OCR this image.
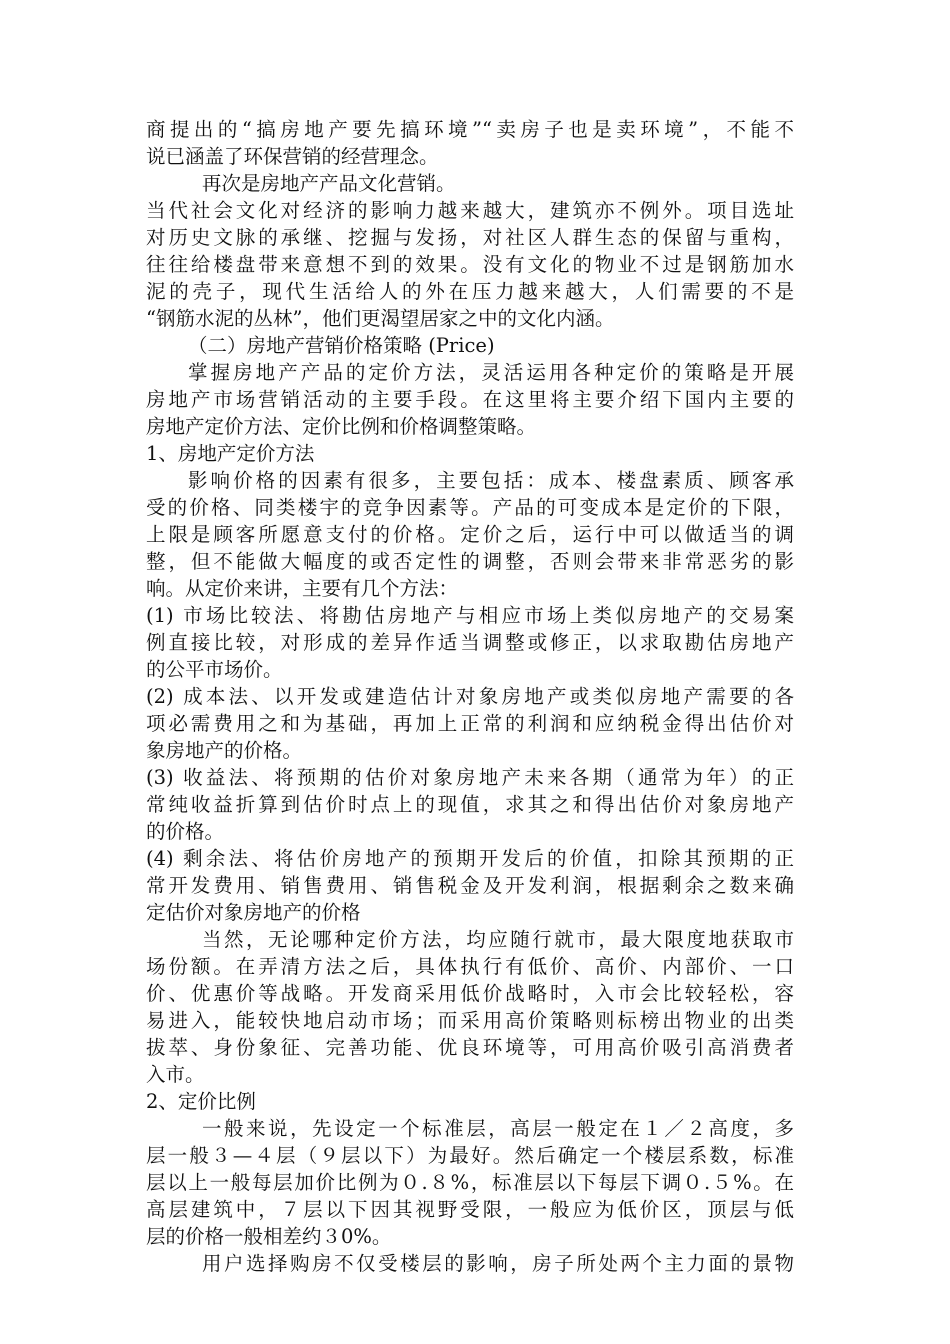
商提出的“搞房地产要先搞环境”“卖房子也是卖环境”，不能不
说已涵盖了环保营销的经营理念。
再次是房地产产品文化营销。
当代社会文化对经济的影响力越来越大，建筑亦不例外。项目选址
对历史文脉的承继、挖掘与发扬，对社区人群生态的保留与重构，
往往给楼盘带来意想不到的效果。没有文化的物业不过是钢筋加水
泥的壳子，现代生活给人的外在压力越来越大，人们需要的不是
“钢筋水泥的丛林”，他们更渴望居家之中的文化内涵。
（二）房地产营销价格策略 (Price)
掌握房地产产品的定价方法，灵活运用各种定价的策略是开展
房地产市场营销活动的主要手段。在这里将主要介绍下国内主要的
房地产定价方法、定价比例和价格调整策略。
1、房地产定价方法
影响价格的因素有很多，主要包括：成本、楼盘素质、顾客承
受的价格、同类楼宇的竞争因素等。产品的可变成本是定价的下限，
上限是顾客所愿意支付的价格。定价之后，运行中可以做适当的调
整，但不能做大幅度的或否定性的调整，否则会带来非常恶劣的影
响。从定价来讲，主要有几个方法：
(1) 市场比较法、将勘估房地产与相应市场上类似房地产的交易案
例直接比较，对形成的差异作适当调整或修正，以求取勘估房地产
的公平市场价。
(2) 成本法、以开发或建造估计对象房地产或类似房地产需要的各
项必需费用之和为基础，再加上正常的利润和应纳税金得出估价对
象房地产的价格。
(3) 收益法、将预期的估价对象房地产未来各期（通常为年）的正
常纯收益折算到估价时点上的现值，求其之和得出估价对象房地产
的价格。
(4) 剩余法、将估价房地产的预期开发后的价值，扣除其预期的正
常开发费用、销售费用、销售税金及开发利润，根据剩余之数来确
定估价对象房地产的价格
当然，无论哪种定价方法，均应随行就市，最大限度地获取市
场份额。在弄清方法之后，具体执行有低价、高价、内部价、一口
价、优惠价等战略。开发商采用低价战略时，入市会比较轻松，容
易进入，能较快地启动市场；而采用高价策略则标榜出物业的出类
拔萃、身份象征、完善功能、优良环境等，可用高价吸引高消费者
入市。
2、定价比例
一般来说，先设定一个标准层，高层一般定在１／２高度，多
层一般３—４层（９层以下）为最好。然后确定一个楼层系数，标准
层以上一般每层加价比例为０.８%，标准层以下每层下调０.５%。在
高层建筑中，７层以下因其视野受限，一般应为低价区，顶层与低
层的价格一般相差约３0%。
用户选择购房不仅受楼层的影响，房子所处两个主力面的景物
